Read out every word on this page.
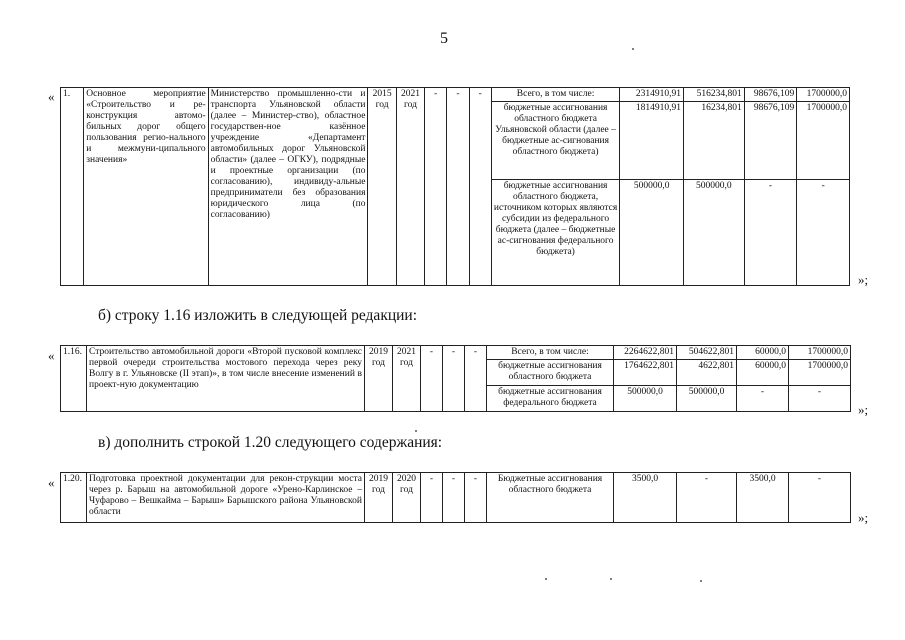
5
« 1.	Основное мероприятие «Строительство и ре-конструкция автомо-бильных дорог общего пользования регио-нального и межмуни-ципального значения»	Министерство промышленно-сти и транспорта Ульяновской области (далее – Министер-ство), областное государствен-ное казённое учреждение «Департамент автомобильных дорог Ульяновской области» (далее – ОГКУ), подрядные и проектные организации (по согласованию), индивиду-альные предприниматели без образования юридического лица (по согласованию)	2015 год	2021 год	-	-	-	Всего, в том числе:	2314910,91	516234,801	98676,109	1700000,0
								бюджетные ассигнования областного бюджета Ульяновской области (далее – бюджетные ас-сигнования областного бюджета)	1814910,91	16234,801	98676,109	1700000,0
								бюджетные ассигнования областного бюджета, источником которых являются субсидии из федерального бюджета (далее – бюджетные ас-сигнования федерального бюджета)	500000,0	500000,0	-	-
»;
б) строку 1.16 изложить в следующей редакции:
« 1.16.	Строительство автомобильной дороги «Второй пусковой комплекс первой очереди строительства мостового перехода через реку Волгу в г. Ульяновске (II этап)», в том числе внесение изменений в проект-ную документацию	2019 год	2021 год	-	-	-	Всего, в том числе:	2264622,801	504622,801	60000,0	1700000,0
							бюджетные ассигнования областного бюджета	1764622,801	4622,801	60000,0	1700000,0
							бюджетные ассигнования федерального бюджета	500000,0	500000,0	-	-
»;
в) дополнить строкой 1.20 следующего содержания:
« 1.20.	Подготовка проектной документации для рекон-струкции моста через р. Барыш на автомобильной дороге «Урено-Карлинское – Чуфарово – Вешкайма – Барыш» Барышского района Ульяновской области	2019 год	2020 год	-	-	-	Бюджетные ассигнования областного бюджета	3500,0	-	3500,0	-
»;
